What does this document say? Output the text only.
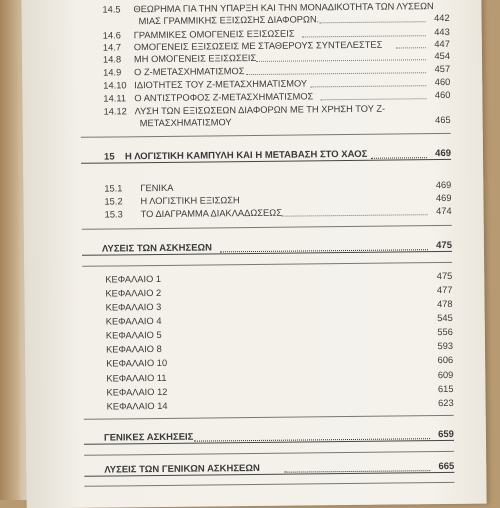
14.5 ΘΕΩΡΗΜΑ ΓΙΑ ΤΗΝ ΥΠΑΡΞΗ ΚΑΙ ΤΗΝ ΜΟΝΑΔΙΚΟΤΗΤΑ ΤΩΝ ΛΥΣΕΩΝ
ΜΙΑΣ ΓΡΑΜΜΙΚΗΣ ΕΞΙΣΩΣΗΣ ΔΙΑΦΟΡΩΝ.	442
14.6 ΓΡΑΜΜΙΚΕΣ ΟΜΟΓΕΝΕΙΣ ΕΞΙΣΩΣΕΙΣ	443
14.7 ΟΜΟΓΕΝΕΙΣ ΕΞΙΣΩΣΕΙΣ ΜΕ ΣΤΑΘΕΡΟΥΣ ΣΥΝΤΕΛΕΣΤΕΣ	447
14.8 ΜΗ ΟΜΟΓΕΝΕΙΣ ΕΞΙΣΩΣΕΙΣ	454
14.9 Ο Z-ΜΕΤΑΣΧΗΜΑΤΙΣΜΟΣ	457
14.10 ΙΔΙΟΤΗΤΕΣ ΤΟΥ Z-ΜΕΤΑΣΧΗΜΑΤΙΣΜΟΥ	460
14.11 Ο ΑΝΤΙΣΤΡΟΦΟΣ Z-ΜΕΤΑΣΧΗΜΑΤΙΣΜΟΣ	460
14.12 ΛΥΣΗ ΤΩΝ ΕΞΙΣΩΣΕΩΝ ΔΙΑΦΟΡΩΝ ΜΕ ΤΗ ΧΡΗΣΗ ΤΟΥ Z-
ΜΕΤΑΣΧΗΜΑΤΙΣΜΟΥ	465
15 Η ΛΟΓΙΣΤΙΚΗ ΚΑΜΠΥΛΗ ΚΑΙ Η ΜΕΤΑΒΑΣΗ ΣΤΟ ΧΑΟΣ	469
15.1 ΓΕΝΙΚΑ	469
15.2 Η ΛΟΓΙΣΤΙΚΗ ΕΞΙΣΩΣΗ	469
15.3 ΤΟ ΔΙΑΓΡΑΜΜΑ ΔΙΑΚΛΑΔΩΣΕΩΣ	474
ΛΥΣΕΙΣ ΤΩΝ ΑΣΚΗΣΕΩΝ	475
ΚΕΦΑΛΑΙΟ 1	475
ΚΕΦΑΛΑΙΟ 2	477
ΚΕΦΑΛΑΙΟ 3	478
ΚΕΦΑΛΑΙΟ 4	545
ΚΕΦΑΛΑΙΟ 5	556
ΚΕΦΑΛΑΙΟ 8	593
ΚΕΦΑΛΑΙΟ 10	606
ΚΕΦΑΛΑΙΟ 11	609
ΚΕΦΑΛΑΙΟ 12	615
ΚΕΦΑΛΑΙΟ 14	623
ΓΕΝΙΚΕΣ ΑΣΚΗΣΕΙΣ	659
ΛΥΣΕΙΣ ΤΩΝ ΓΕΝΙΚΩΝ ΑΣΚΗΣΕΩΝ	665
